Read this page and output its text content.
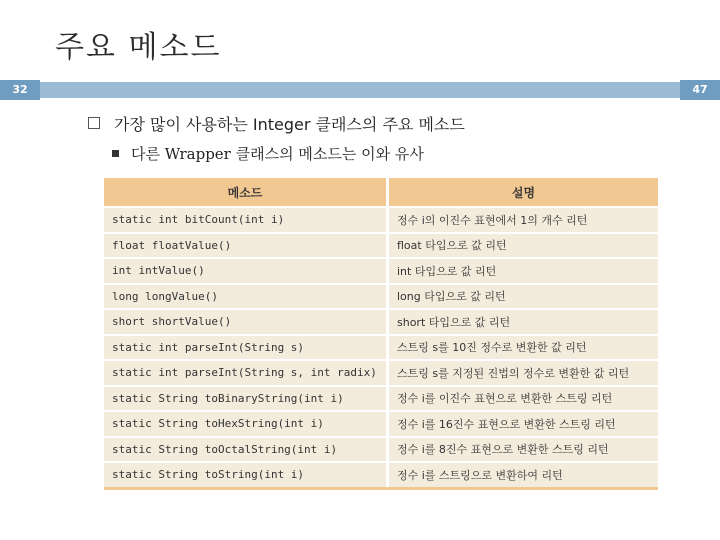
주요 메소드
32	47
가장 많이 사용하는 Integer 클래스의 주요 메소드
다른 Wrapper 클래스의 메소드는 이와 유사
메소드	설명
static int bitCount(int i)	정수 i의 이진수 표현에서 1의 개수 리턴
float floatValue()	float 타입으로 값 리턴
int intValue()	int 타입으로 값 리턴
long longValue()	long 타입으로 값 리턴
short shortValue()	short 타입으로 값 리턴
static int parseInt(String s)	스트링 s를 10진 정수로 변환한 값 리턴
static int parseInt(String s, int radix)	스트링 s를 지정된 진법의 정수로 변환한 값 리턴
static String toBinaryString(int i)	정수 i를 이진수 표현으로 변환한 스트링 리턴
static String toHexString(int i)	정수 i를 16진수 표현으로 변환한 스트링 리턴
static String toOctalString(int i)	정수 i를 8진수 표현으로 변환한 스트링 리턴
static String toString(int i)	정수 i를 스트링으로 변환하여 리턴
